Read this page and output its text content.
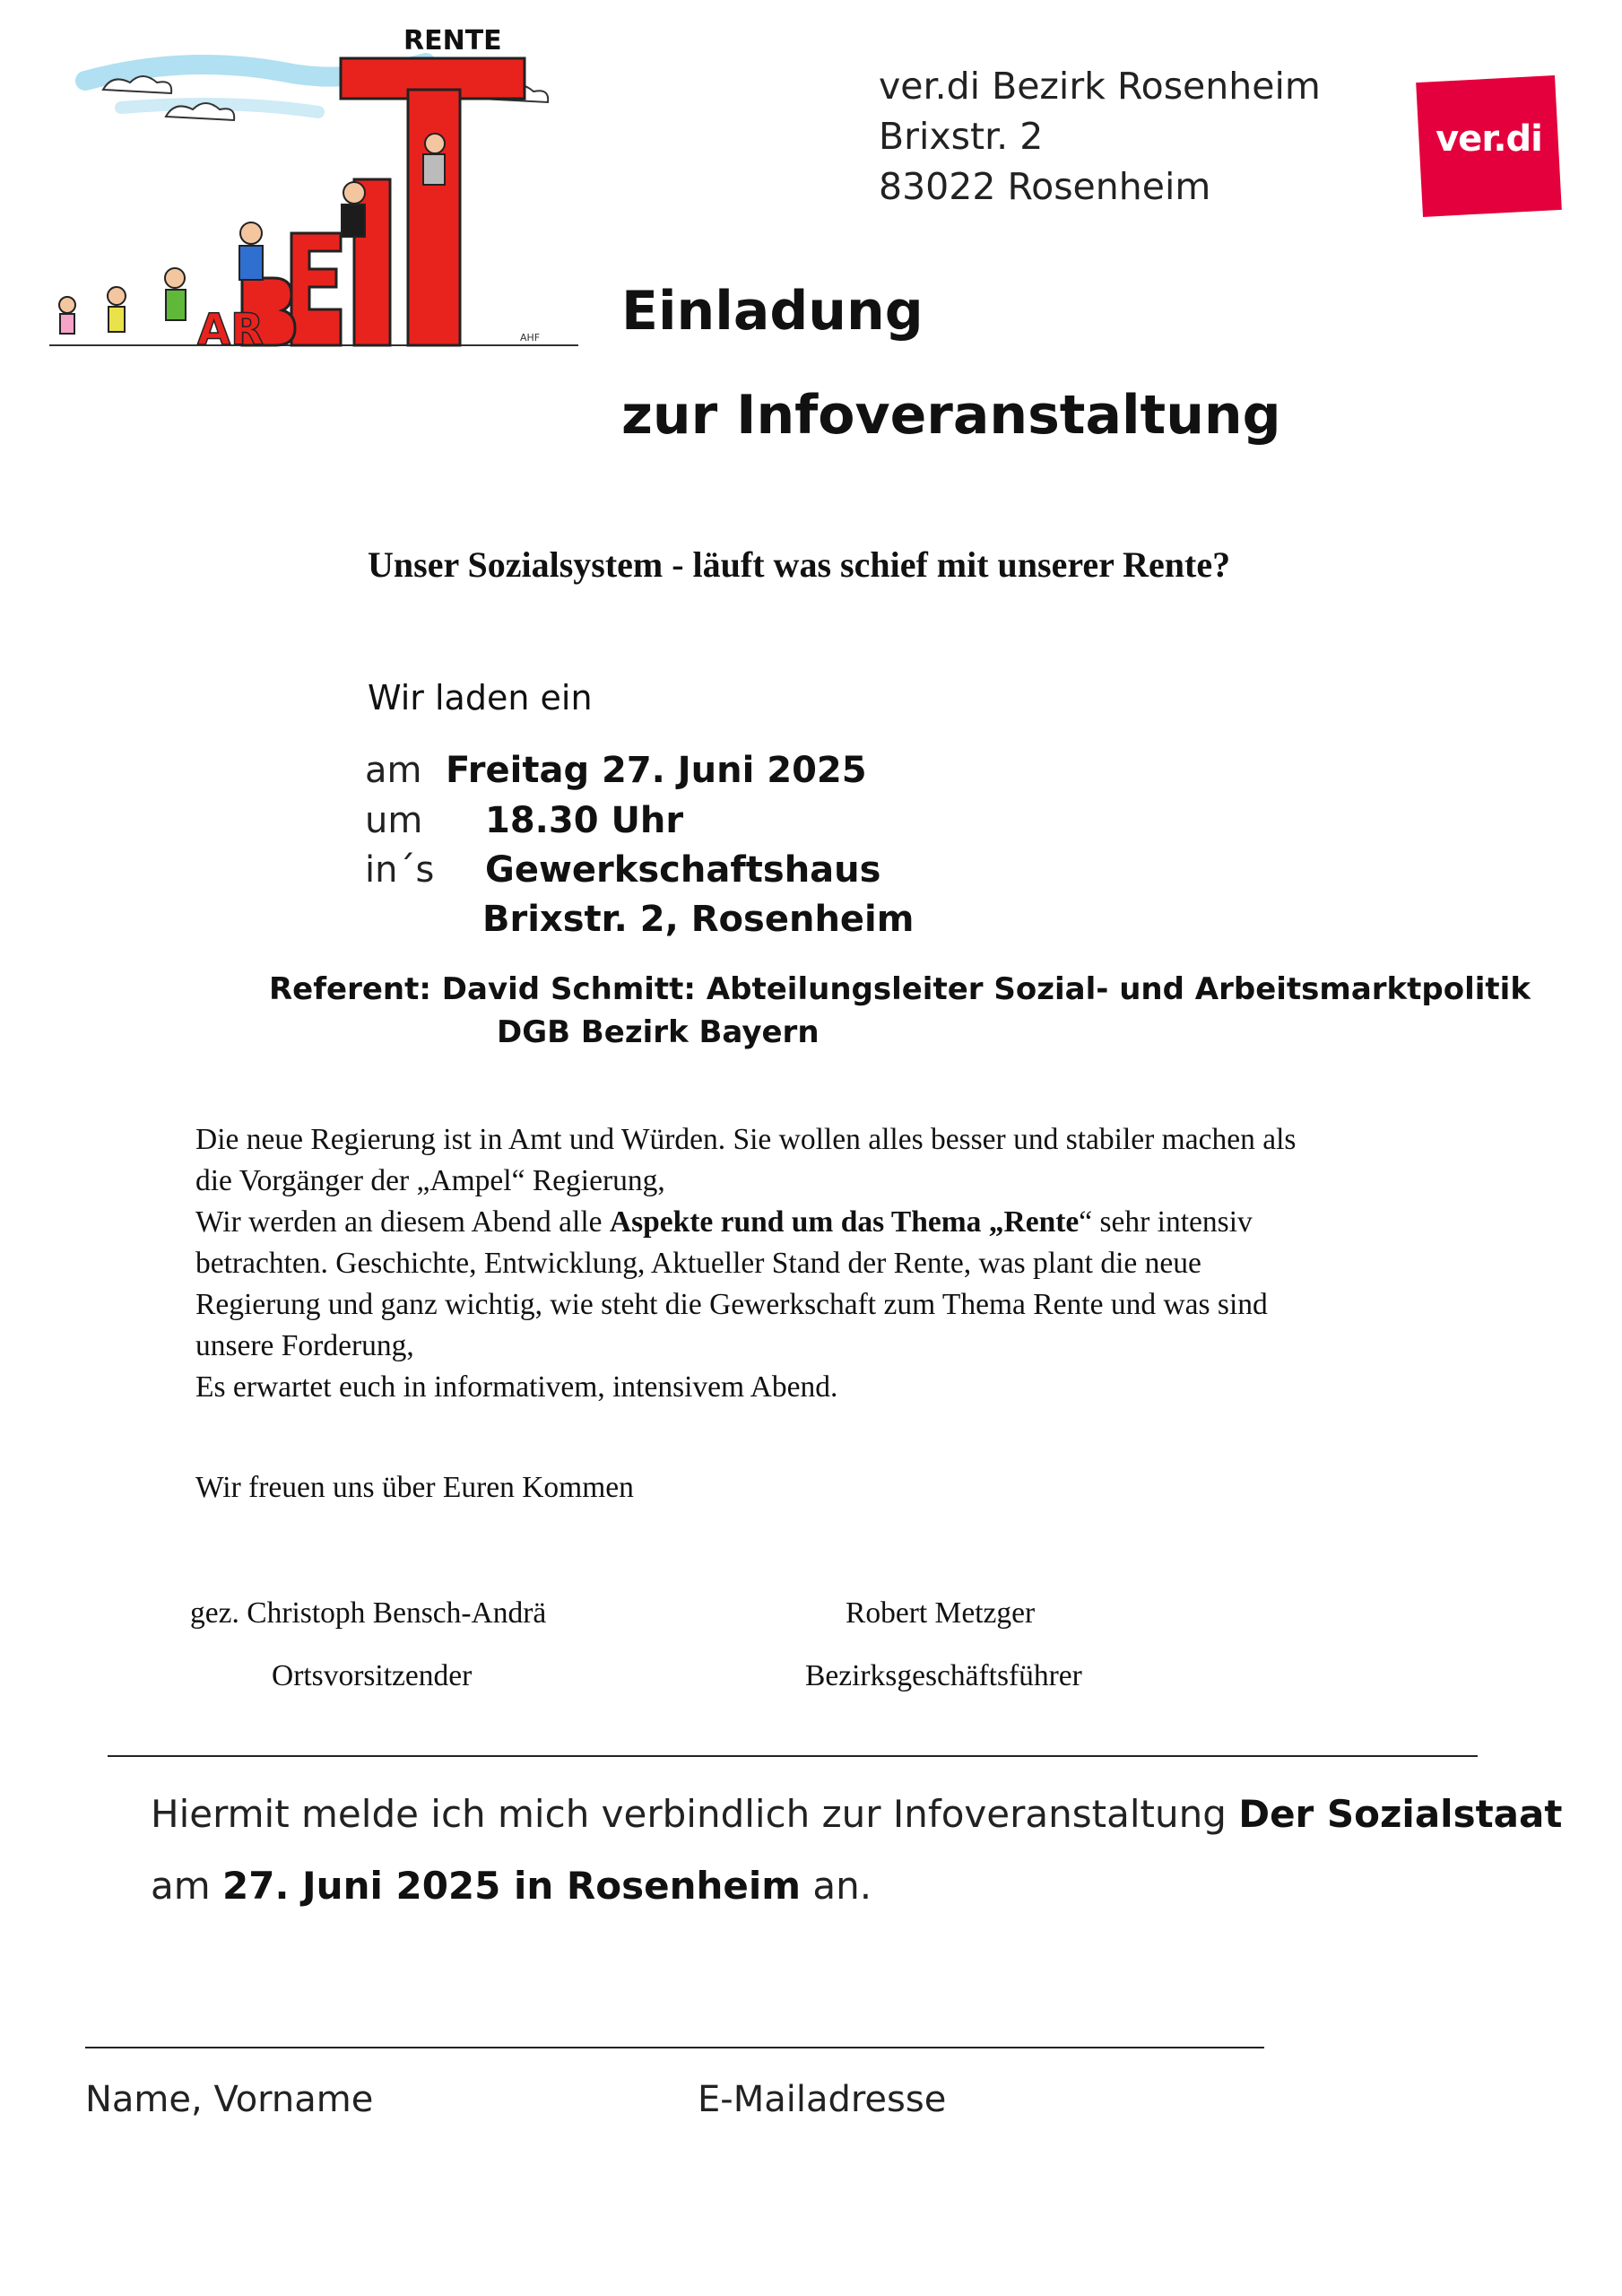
AR
RENTE
AHF
ver.di Bezirk Rosenheim
Brixstr. 2
83022 Rosenheim
ver.di
Einladung
zur Infoveranstaltung
Unser Sozialsystem - läuft was schief mit unserer Rente?
Wir laden ein
am Freitag 27. Juni 2025
um 18.30 Uhr
in´s Gewerkschaftshaus
Brixstr. 2, Rosenheim
Referent: David Schmitt: Abteilungsleiter Sozial- und Arbeitsmarktpolitik
DGB Bezirk Bayern
Die neue Regierung ist in Amt und Würden. Sie wollen alles besser und stabiler machen als
die Vorgänger der „Ampel“ Regierung,
Wir werden an diesem Abend alle Aspekte rund um das Thema „Rente“ sehr intensiv
betrachten. Geschichte, Entwicklung, Aktueller Stand der Rente, was plant die neue
Regierung und ganz wichtig, wie steht die Gewerkschaft zum Thema Rente und was sind
unsere Forderung,
Es erwartet euch in informativem, intensivem Abend.
Wir freuen uns über Euren Kommen
gez. Christoph Bensch-Andrä	Robert Metzger
Ortsvorsitzender	Bezirksgeschäftsführer
Hiermit melde ich mich verbindlich zur Infoveranstaltung Der Sozialstaat
am 27. Juni 2025 in Rosenheim an.
Name, Vorname	E-Mailadresse
